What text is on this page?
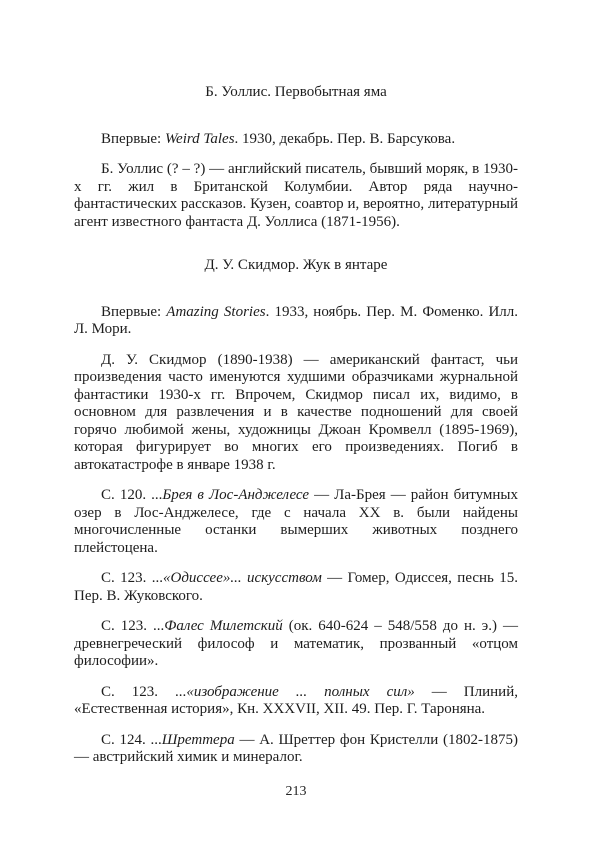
Б. Уоллис. Первобытная яма

Впервые: Weird Tales. 1930, декабрь. Пер. В. Барсукова.

Б. Уоллис (? – ?) — английский писатель, бывший моряк, в 1930-х гг. жил в Британской Колумбии. Автор ряда научно-фантастических рассказов. Кузен, соавтор и, вероятно, литературный агент известного фантаста Д. Уоллиса (1871-1956).

Д. У. Скидмор. Жук в янтаре

Впервые: Amazing Stories. 1933, ноябрь. Пер. М. Фоменко. Илл. Л. Мори.

Д. У. Скидмор (1890-1938) — американский фантаст, чьи произведения часто именуются худшими образчиками журнальной фантастики 1930-х гг. Впрочем, Скидмор писал их, видимо, в основном для развлечения и в качестве подношений для своей горячо любимой жены, художницы Джоан Кромвелл (1895-1969), которая фигурирует во многих его произведениях. Погиб в автокатастрофе в январе 1938 г.

С. 120. ...Брея в Лос-Анджелесе — Ла-Брея — район битумных озер в Лос-Анджелесе, где с начала XX в. были найдены многочисленные останки вымерших животных позднего плейстоцена.

С. 123. ...«Одиссее»... искусством — Гомер, Одиссея, песнь 15. Пер. В. Жуковского.

С. 123. ...Фалес Милетский (ок. 640-624 – 548/558 до н. э.) — древнегреческий философ и математик, прозванный «отцом философии».

С. 123. ...«изображение ... полных сил» — Плиний, «Естественная история», Кн. XXXVII, XII. 49. Пер. Г. Тароняна.

С. 124. ...Шреттера — А. Шреттер фон Кристелли (1802-1875) — австрийский химик и минералог.

213
